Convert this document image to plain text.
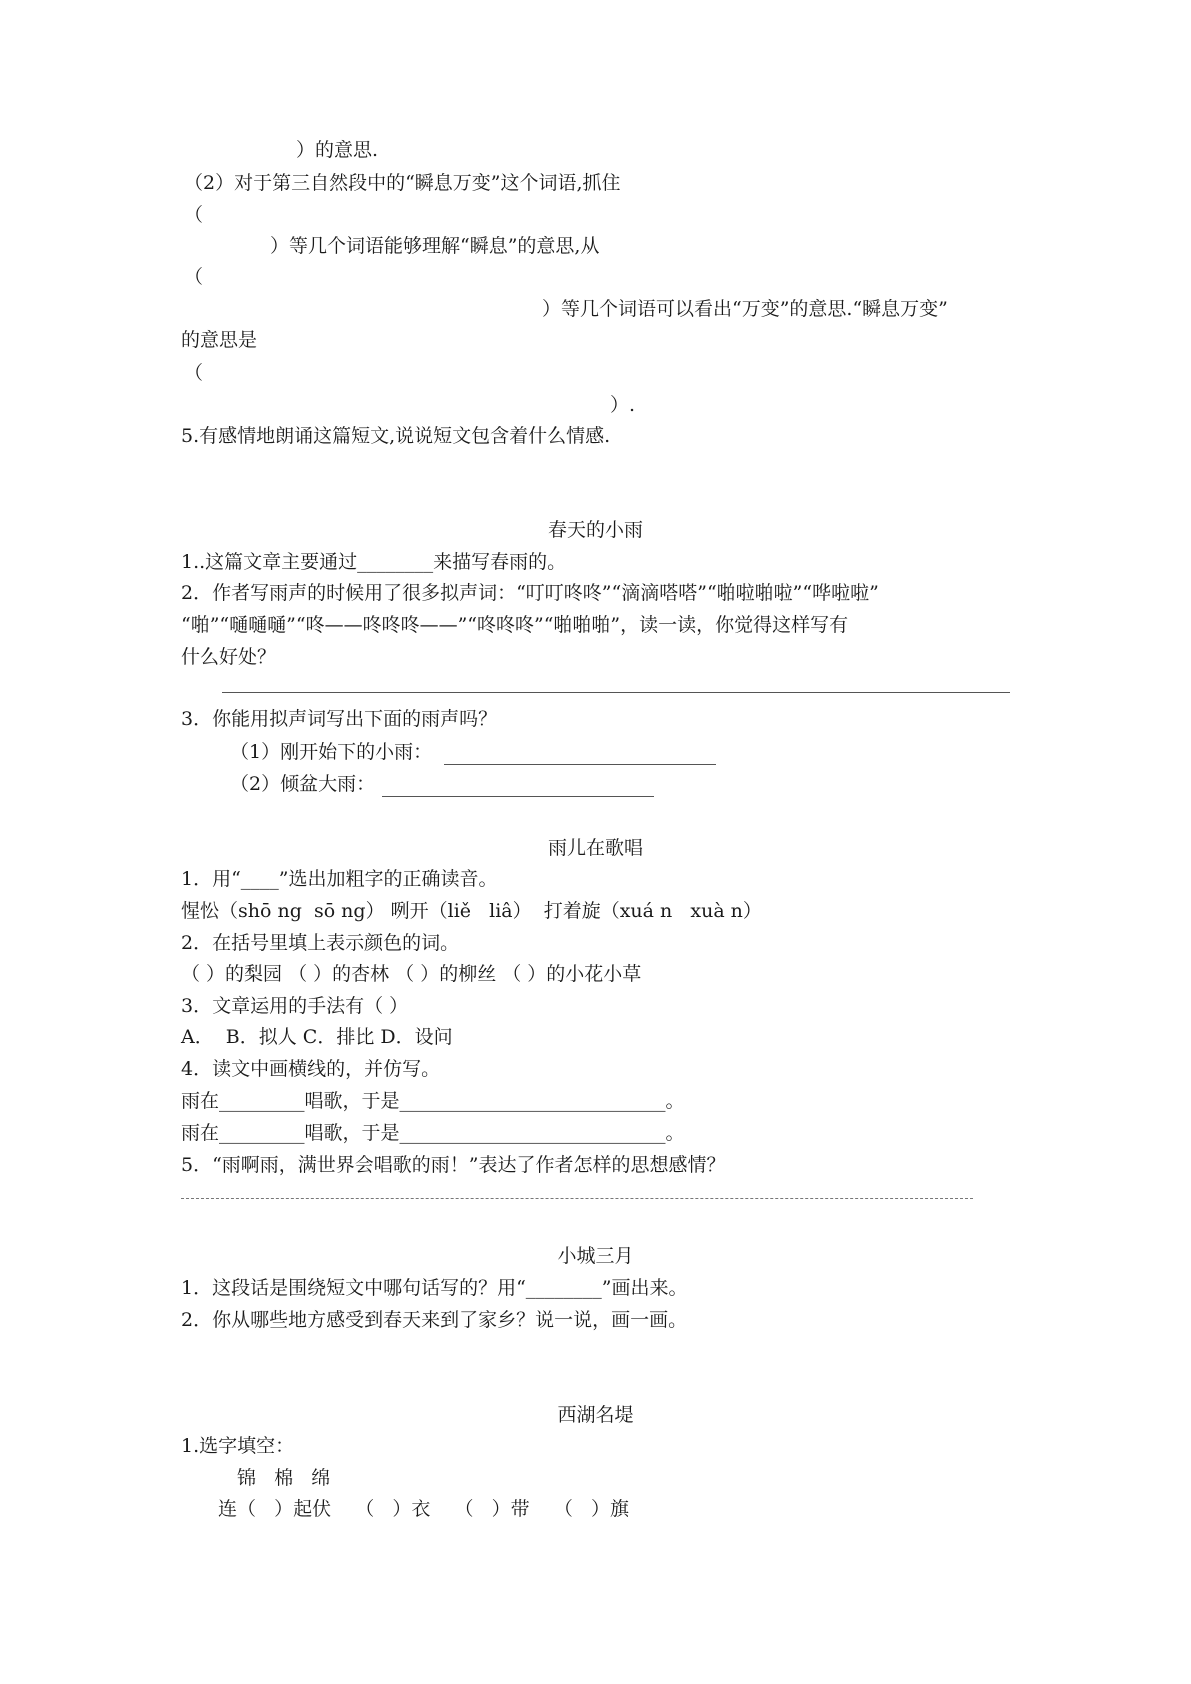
）的意思.
（2）对于第三自然段中的“瞬息万变”这个词语,抓住
（
）等几个词语能够理解“瞬息”的意思,从
（
）等几个词语可以看出“万变”的意思.“瞬息万变”
的意思是
（
）.
5.有感情地朗诵这篇短文,说说短文包含着什么情感.
春天的小雨
1..这篇文章主要通过________来描写春雨的。
2．作者写雨声的时候用了很多拟声词：“叮叮咚咚”“滴滴嗒嗒”“啪啦啪啦”“哗啦啦”
“啪”“嗵嗵嗵”“咚——咚咚咚——”“咚咚咚”“啪啪啪”，读一读，你觉得这样写有
什么好处？
3．你能用拟声词写出下面的雨声吗？
（1）刚开始下的小雨：
（2）倾盆大雨：
雨儿在歌唱
1．用“____”选出加粗字的正确读音。
惺忪（shō ng  sō ng） 咧开（liě   liâ）  打着旋（xuá n   xuà n）
2．在括号里填上表示颜色的词。
（ ）的梨园 （ ）的杏林 （ ）的柳丝 （ ）的小花小草
3．文章运用的手法有（ ）
A．  B．拟人 C．排比 D．设问
4．读文中画横线的，并仿写。
雨在_________唱歌，于是____________________________。
雨在_________唱歌，于是____________________________。
5．“雨啊雨，满世界会唱歌的雨！”表达了作者怎样的思想感情？
小城三月
1．这段话是围绕短文中哪句话写的？用“________”画出来。
2．你从哪些地方感受到春天来到了家乡？说一说，画一画。
西湖名堤
1.选字填空：
锦   棉   绵
连（   ）起伏    （   ）衣    （   ）带    （   ）旗
